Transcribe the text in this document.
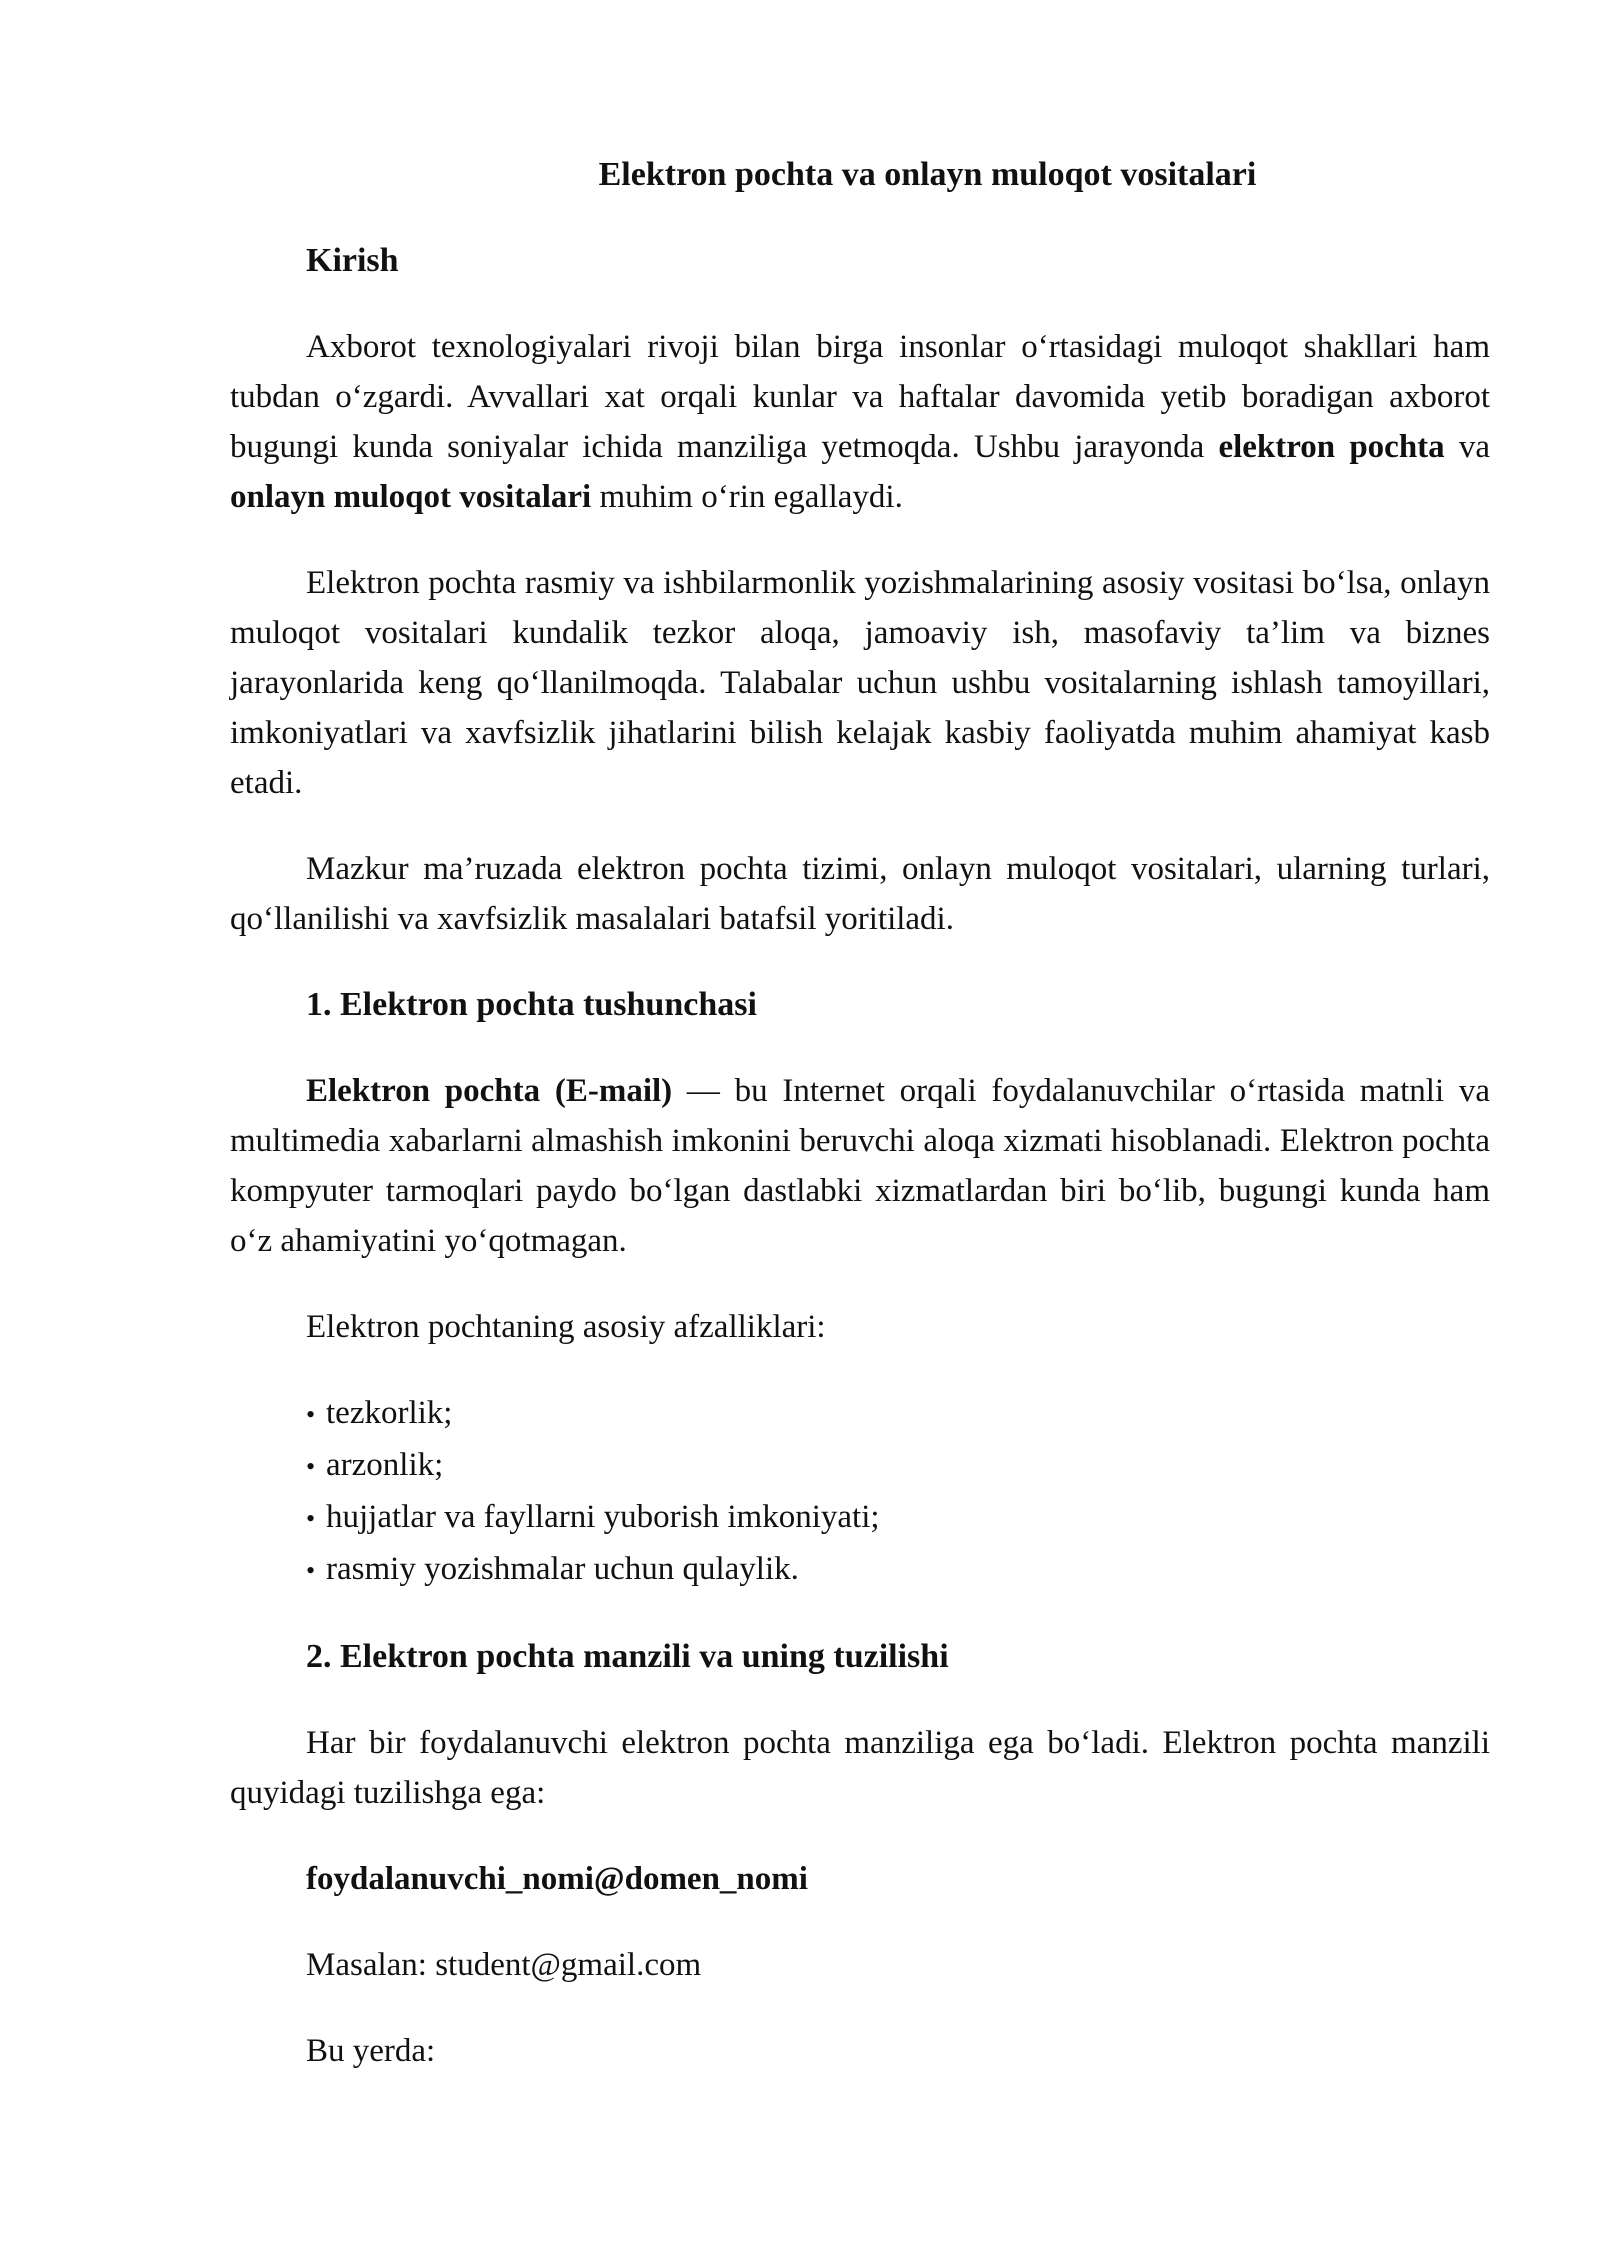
Elektron pochta va onlayn muloqot vositalari

Kirish

Axborot texnologiyalari rivoji bilan birga insonlar o‘rtasidagi muloqot shakllari ham tubdan o‘zgardi. Avvallari xat orqali kunlar va haftalar davomida yetib boradigan axborot bugungi kunda soniyalar ichida manziliga yetmoqda. Ushbu jarayonda elektron pochta va onlayn muloqot vositalari muhim o‘rin egallaydi.

Elektron pochta rasmiy va ishbilarmonlik yozishmalarining asosiy vositasi bo‘lsa, onlayn muloqot vositalari kundalik tezkor aloqa, jamoaviy ish, masofaviy ta’lim va biznes jarayonlarida keng qo‘llanilmoqda. Talabalar uchun ushbu vositalarning ishlash tamoyillari, imkoniyatlari va xavfsizlik jihatlarini bilish kelajak kasbiy faoliyatda muhim ahamiyat kasb etadi.

Mazkur ma’ruzada elektron pochta tizimi, onlayn muloqot vositalari, ularning turlari, qo‘llanilishi va xavfsizlik masalalari batafsil yoritiladi.

1. Elektron pochta tushunchasi

Elektron pochta (E-mail) — bu Internet orqali foydalanuvchilar o‘rtasida matnli va multimedia xabarlarni almashish imkonini beruvchi aloqa xizmati hisoblanadi. Elektron pochta kompyuter tarmoqlari paydo bo‘lgan dastlabki xizmatlardan biri bo‘lib, bugungi kunda ham o‘z ahamiyatini yo‘qotmagan.

Elektron pochtaning asosiy afzalliklari:

• tezkorlik;
• arzonlik;
• hujjatlar va fayllarni yuborish imkoniyati;
• rasmiy yozishmalar uchun qulaylik.

2. Elektron pochta manzili va uning tuzilishi

Har bir foydalanuvchi elektron pochta manziliga ega bo‘ladi. Elektron pochta manzili quyidagi tuzilishga ega:

foydalanuvchi_nomi@domen_nomi

Masalan: student@gmail.com

Bu yerda:
